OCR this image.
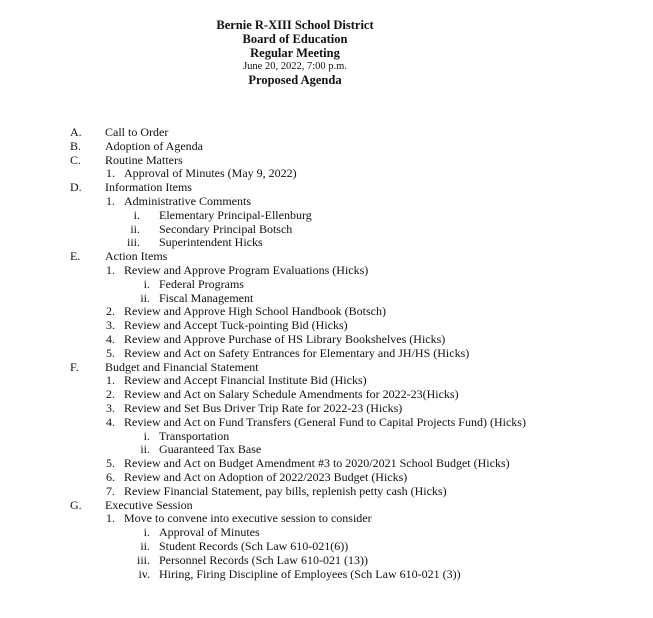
Bernie R-XIII School District
Board of Education
Regular Meeting
June 20, 2022, 7:00 p.m.
Proposed Agenda
A. Call to Order
B. Adoption of Agenda
C. Routine Matters
1. Approval of Minutes (May 9, 2022)
D. Information Items
1. Administrative Comments
i. Elementary Principal-Ellenburg
ii. Secondary Principal Botsch
iii. Superintendent Hicks
E. Action Items
1. Review and Approve Program Evaluations (Hicks)
i. Federal Programs
ii. Fiscal Management
2. Review and Approve High School Handbook (Botsch)
3. Review and Accept Tuck-pointing Bid (Hicks)
4. Review and Approve Purchase of HS Library Bookshelves (Hicks)
5. Review and Act on Safety Entrances for Elementary and JH/HS (Hicks)
F. Budget and Financial Statement
1. Review and Accept Financial Institute Bid (Hicks)
2. Review and Act on Salary Schedule Amendments for 2022-23(Hicks)
3. Review and Set Bus Driver Trip Rate for 2022-23 (Hicks)
4. Review and Act on Fund Transfers (General Fund to Capital Projects Fund) (Hicks)
i. Transportation
ii. Guaranteed Tax Base
5. Review and Act on Budget Amendment #3 to 2020/2021 School Budget (Hicks)
6. Review and Act on Adoption of 2022/2023 Budget (Hicks)
7. Review Financial Statement, pay bills, replenish petty cash (Hicks)
G. Executive Session
1. Move to convene into executive session to consider
i. Approval of Minutes
ii. Student Records (Sch Law 610-021(6))
iii. Personnel Records (Sch Law 610-021 (13))
iv. Hiring, Firing Discipline of Employees (Sch Law 610-021 (3))
